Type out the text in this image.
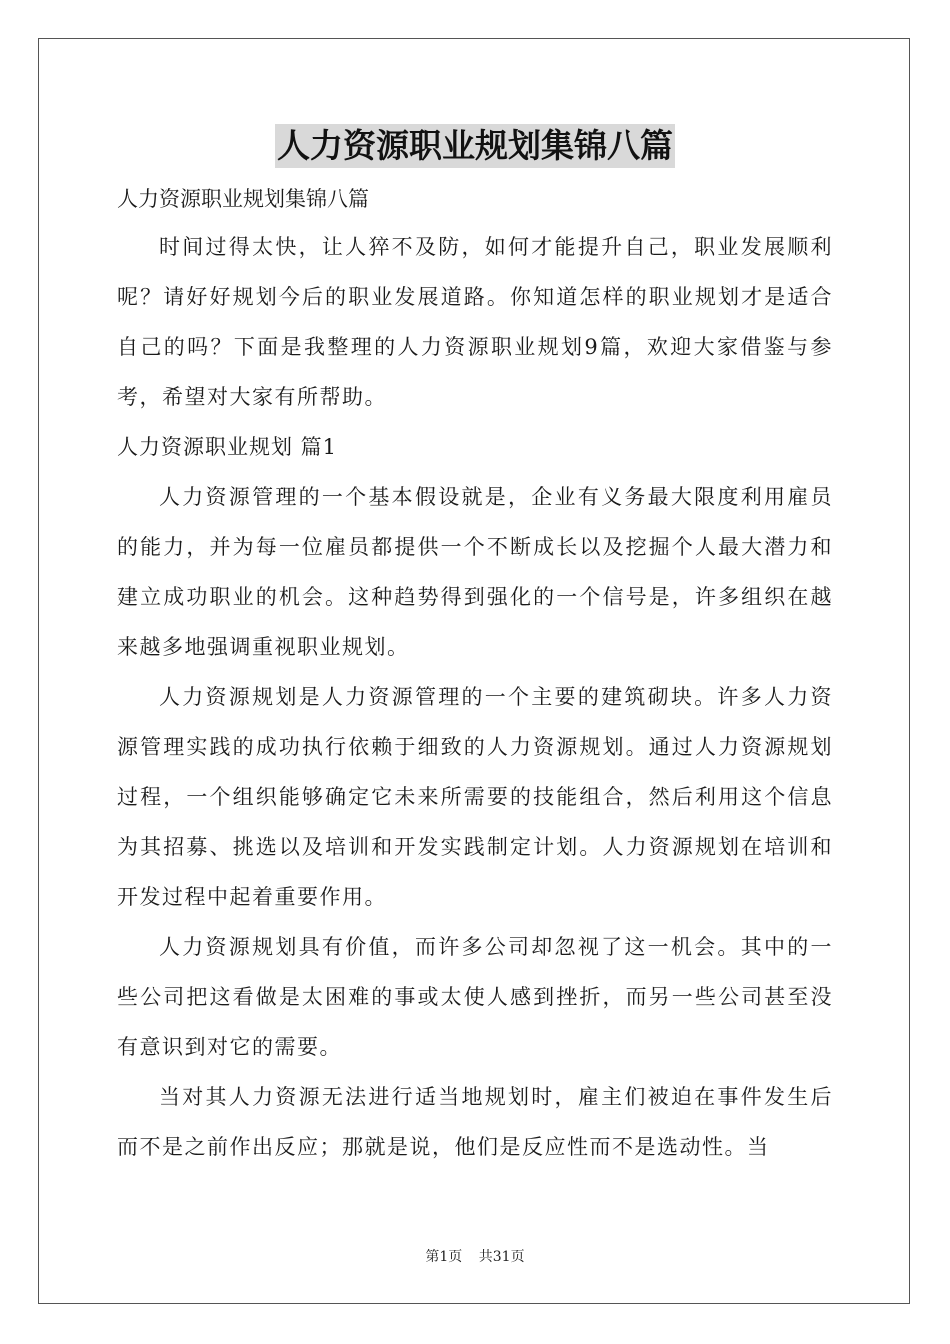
人力资源职业规划集锦八篇
人力资源职业规划集锦八篇

时间过得太快，让人猝不及防，如何才能提升自己，职业发展顺利呢？请好好规划今后的职业发展道路。你知道怎样的职业规划才是适合自己的吗？下面是我整理的人力资源职业规划9篇，欢迎大家借鉴与参考，希望对大家有所帮助。

人力资源职业规划 篇1

人力资源管理的一个基本假设就是，企业有义务最大限度利用雇员的能力，并为每一位雇员都提供一个不断成长以及挖掘个人最大潜力和建立成功职业的机会。这种趋势得到强化的一个信号是，许多组织在越来越多地强调重视职业规划。

人力资源规划是人力资源管理的一个主要的建筑砌块。许多人力资源管理实践的成功执行依赖于细致的人力资源规划。通过人力资源规划过程，一个组织能够确定它未来所需要的技能组合，然后利用这个信息为其招募、挑选以及培训和开发实践制定计划。人力资源规划在培训和开发过程中起着重要作用。

人力资源规划具有价值，而许多公司却忽视了这一机会。其中的一些公司把这看做是太困难的事或太使人感到挫折，而另一些公司甚至没有意识到对它的需要。

当对其人力资源无法进行适当地规划时，雇主们被迫在事件发生后而不是之前作出反应；那就是说，他们是反应性而不是选动性。当

第1页 共31页
